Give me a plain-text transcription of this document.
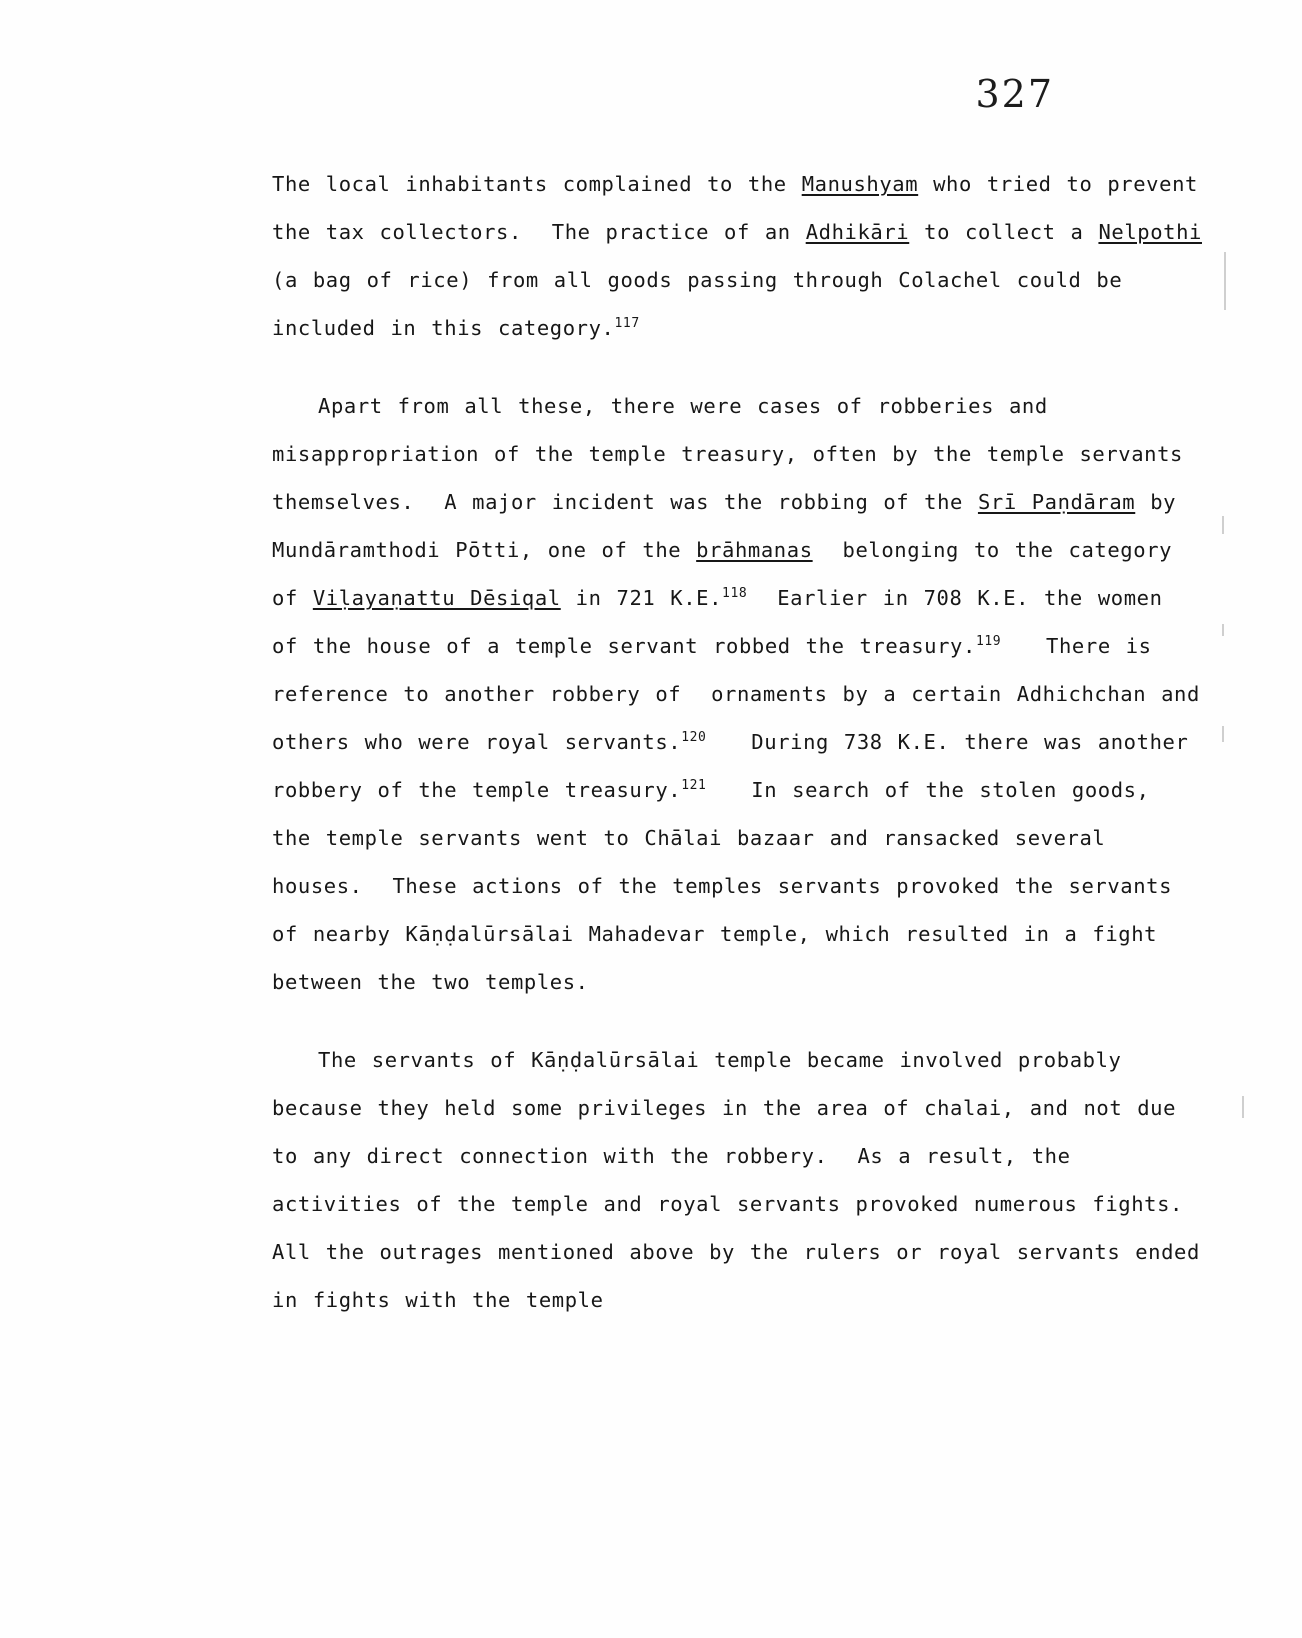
327

The local inhabitants complained to the Manushyam who tried to prevent the tax collectors.  The practice of an Adhikāri to collect a Nelpothi (a bag of rice) from all goods passing through Colachel could be included in this category.$^{117}$

Apart from all these, there were cases of robberies and misappropriation of the temple treasury, often by the temple servants themselves.  A major incident was the robbing of the Srī Paṇdāram by Mundāramthodi Pōtti, one of the brāhmanas  belonging to the category of Viḷayaṇattu Dēsiqal in 721 K.E.$^{118}$  Earlier in 708 K.E. the women of the house of a temple servant robbed the treasury.$^{119}$   There is reference to another robbery of  ornaments by a certain Adhichchan and others who were royal servants.$^{120}$   During 738 K.E. there was another robbery of the temple treasury.$^{121}$   In search of the stolen goods, the temple servants went to Chālai bazaar and ransacked several houses.  These actions of the temples servants provoked the servants of nearby Kāṇḍalūrsālai Mahadevar temple, which resulted in a fight between the two temples.

The servants of Kāṇḍalūrsālai temple became involved probably because they held some privileges in the area of chalai, and not due to any direct connection with the robbery.  As a result, the activities of the temple and royal servants provoked numerous fights.  All the outrages mentioned above by the rulers or royal servants ended in fights with the temple
